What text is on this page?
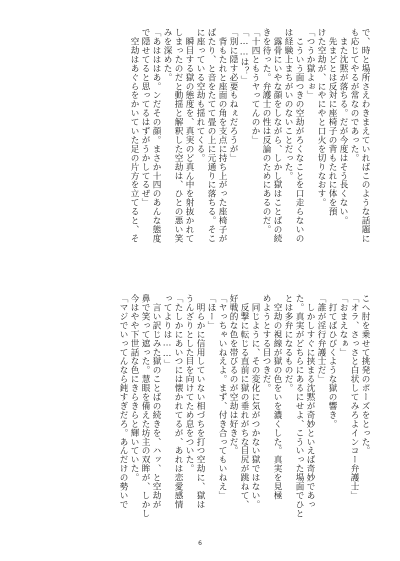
で、時と場所さえわきまえていればこのような話題に

も応じてやるが常なのであった。

　また沈黙が落ちる。だが今度はそう長くない。

　先まどとは反対に座椅子の背もたれに体を預

けた空劫が、にやにやと口火を切りなおす。

「つうか獄よぉ」

　こういう面つきの空劫がろくなことを口走らないの

は経験上まちがいのないことだった。

　露骨にいやな顔をしながら、しかし獄はことばの続

きを待った。弁護士の性は反論のためにあるのだ。

「十四ともうヤってんのか」

「……は？」

「別に隠す必要もねぇだろうが」

　背もたれと座面の角を支点に持ち上がった座椅子が

ばたり、と音をたてて畳の上に元通りに落ちる。そこ

に座っている空劫も揺れてくる。

　瞬目する獄の態度を、真実のど真ん中を射抜かれて

しまったのだと動揺と解釈した空劫は、ひとの悪い笑

みを深めた。

「あはははあ。ンだその顔。まさか十四のあんな態度

で隠せてると思ってるはずがうかしてるぜ」

　空劫はあぐらをかいていた足の片方を立てると、そ

こへ肘を乗せて挑発のポーズをとった。

「オラ、さっさと白状してみろよインコー弁護士」

「おまえなぁ」

　打てばひびくような獄の響き。

「誰が淫行弁護士だ」

　しかしすぐに挟まる沈黙が奇妙といえば奇妙であっ

た。真実がどちらにあるにせよ、こういった場面でひと

とは多弁になるものだ。

　空劫の視線が獄の色をいを濃くした。真実を見極

めようとする目つきだ。

　同じように、その変化に気がつかない獄ではない。

　反撃に転じる直前に獄の垂れがちな目尻が跳ねて、

好戦的な色を帯びるのが空劫は好きだ。

「ヤっちゃいねえよ。まず、付き合ってもいねえ」

「ほー」

　明らかに信用していない相づちを打つ空劫に、獄は

うんざりとした目を向けてため息をついた。

「たしかにあいつには懐かれてるが、あれは恋愛感情

ってよりは……」

　言い訳じみた獄のことばの続きを、ハッ、と空劫が

鼻で笑って遮った。慧眼を備えた坊主の双眸が、しかし

今はやや下世話な色にきらきらと輝いていた。

「マジでいってんなら鈍すぎだろ。あんだけの勢いで

6
